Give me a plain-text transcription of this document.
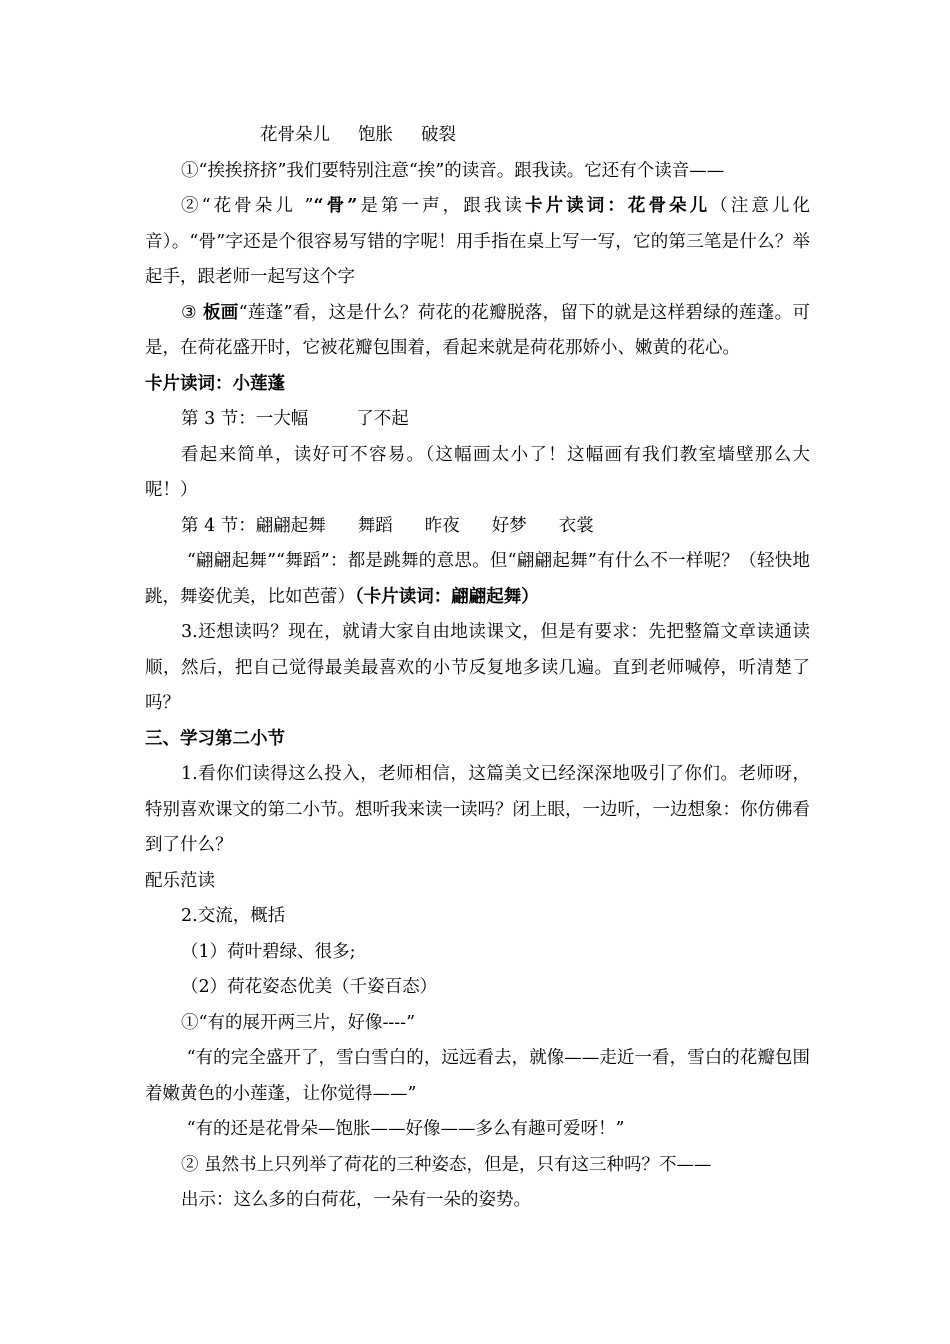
花骨朵儿 饱胀 破裂

①“挨挨挤挤”我们要特别注意“挨”的读音。跟我读。它还有个读音——

②“花骨朵儿 ”“骨”是第一声，跟我读卡片读词：花骨朵儿（注意儿化音）。“骨”字还是个很容易写错的字呢！用手指在桌上写一写，它的第三笔是什么？举起手，跟老师一起写这个字

③ 板画“莲蓬”看，这是什么？荷花的花瓣脱落，留下的就是这样碧绿的莲蓬。可是，在荷花盛开时，它被花瓣包围着，看起来就是荷花那娇小、嫩黄的花心。

卡片读词：小莲蓬

第 3 节：一大幅	了不起

看起来简单，读好可不容易。（这幅画太小了！这幅画有我们教室墙壁那么大呢！）

第 4 节：翩翩起舞 舞蹈 昨夜 好梦 衣裳

“翩翩起舞”“舞蹈”：都是跳舞的意思。但“翩翩起舞”有什么不一样呢？（轻快地跳，舞姿优美，比如芭蕾）（卡片读词：翩翩起舞）

3.还想读吗？现在，就请大家自由地读课文，但是有要求：先把整篇文章读通读顺，然后，把自己觉得最美最喜欢的小节反复地多读几遍。直到老师喊停，听清楚了吗？

三、学习第二小节

1.看你们读得这么投入，老师相信，这篇美文已经深深地吸引了你们。老师呀，特别喜欢课文的第二小节。想听我来读一读吗？闭上眼，一边听，一边想象：你仿佛看到了什么？

配乐范读

2.交流，概括

（1）荷叶碧绿、很多;

（2）荷花姿态优美（千姿百态）

①“有的展开两三片，好像----”

“有的完全盛开了，雪白雪白的，远远看去，就像——走近一看，雪白的花瓣包围着嫩黄色的小莲蓬，让你觉得——”

“有的还是花骨朵—饱胀——好像——多么有趣可爱呀！”

② 虽然书上只列举了荷花的三种姿态，但是，只有这三种吗？不——

出示：这么多的白荷花，一朵有一朵的姿势。
